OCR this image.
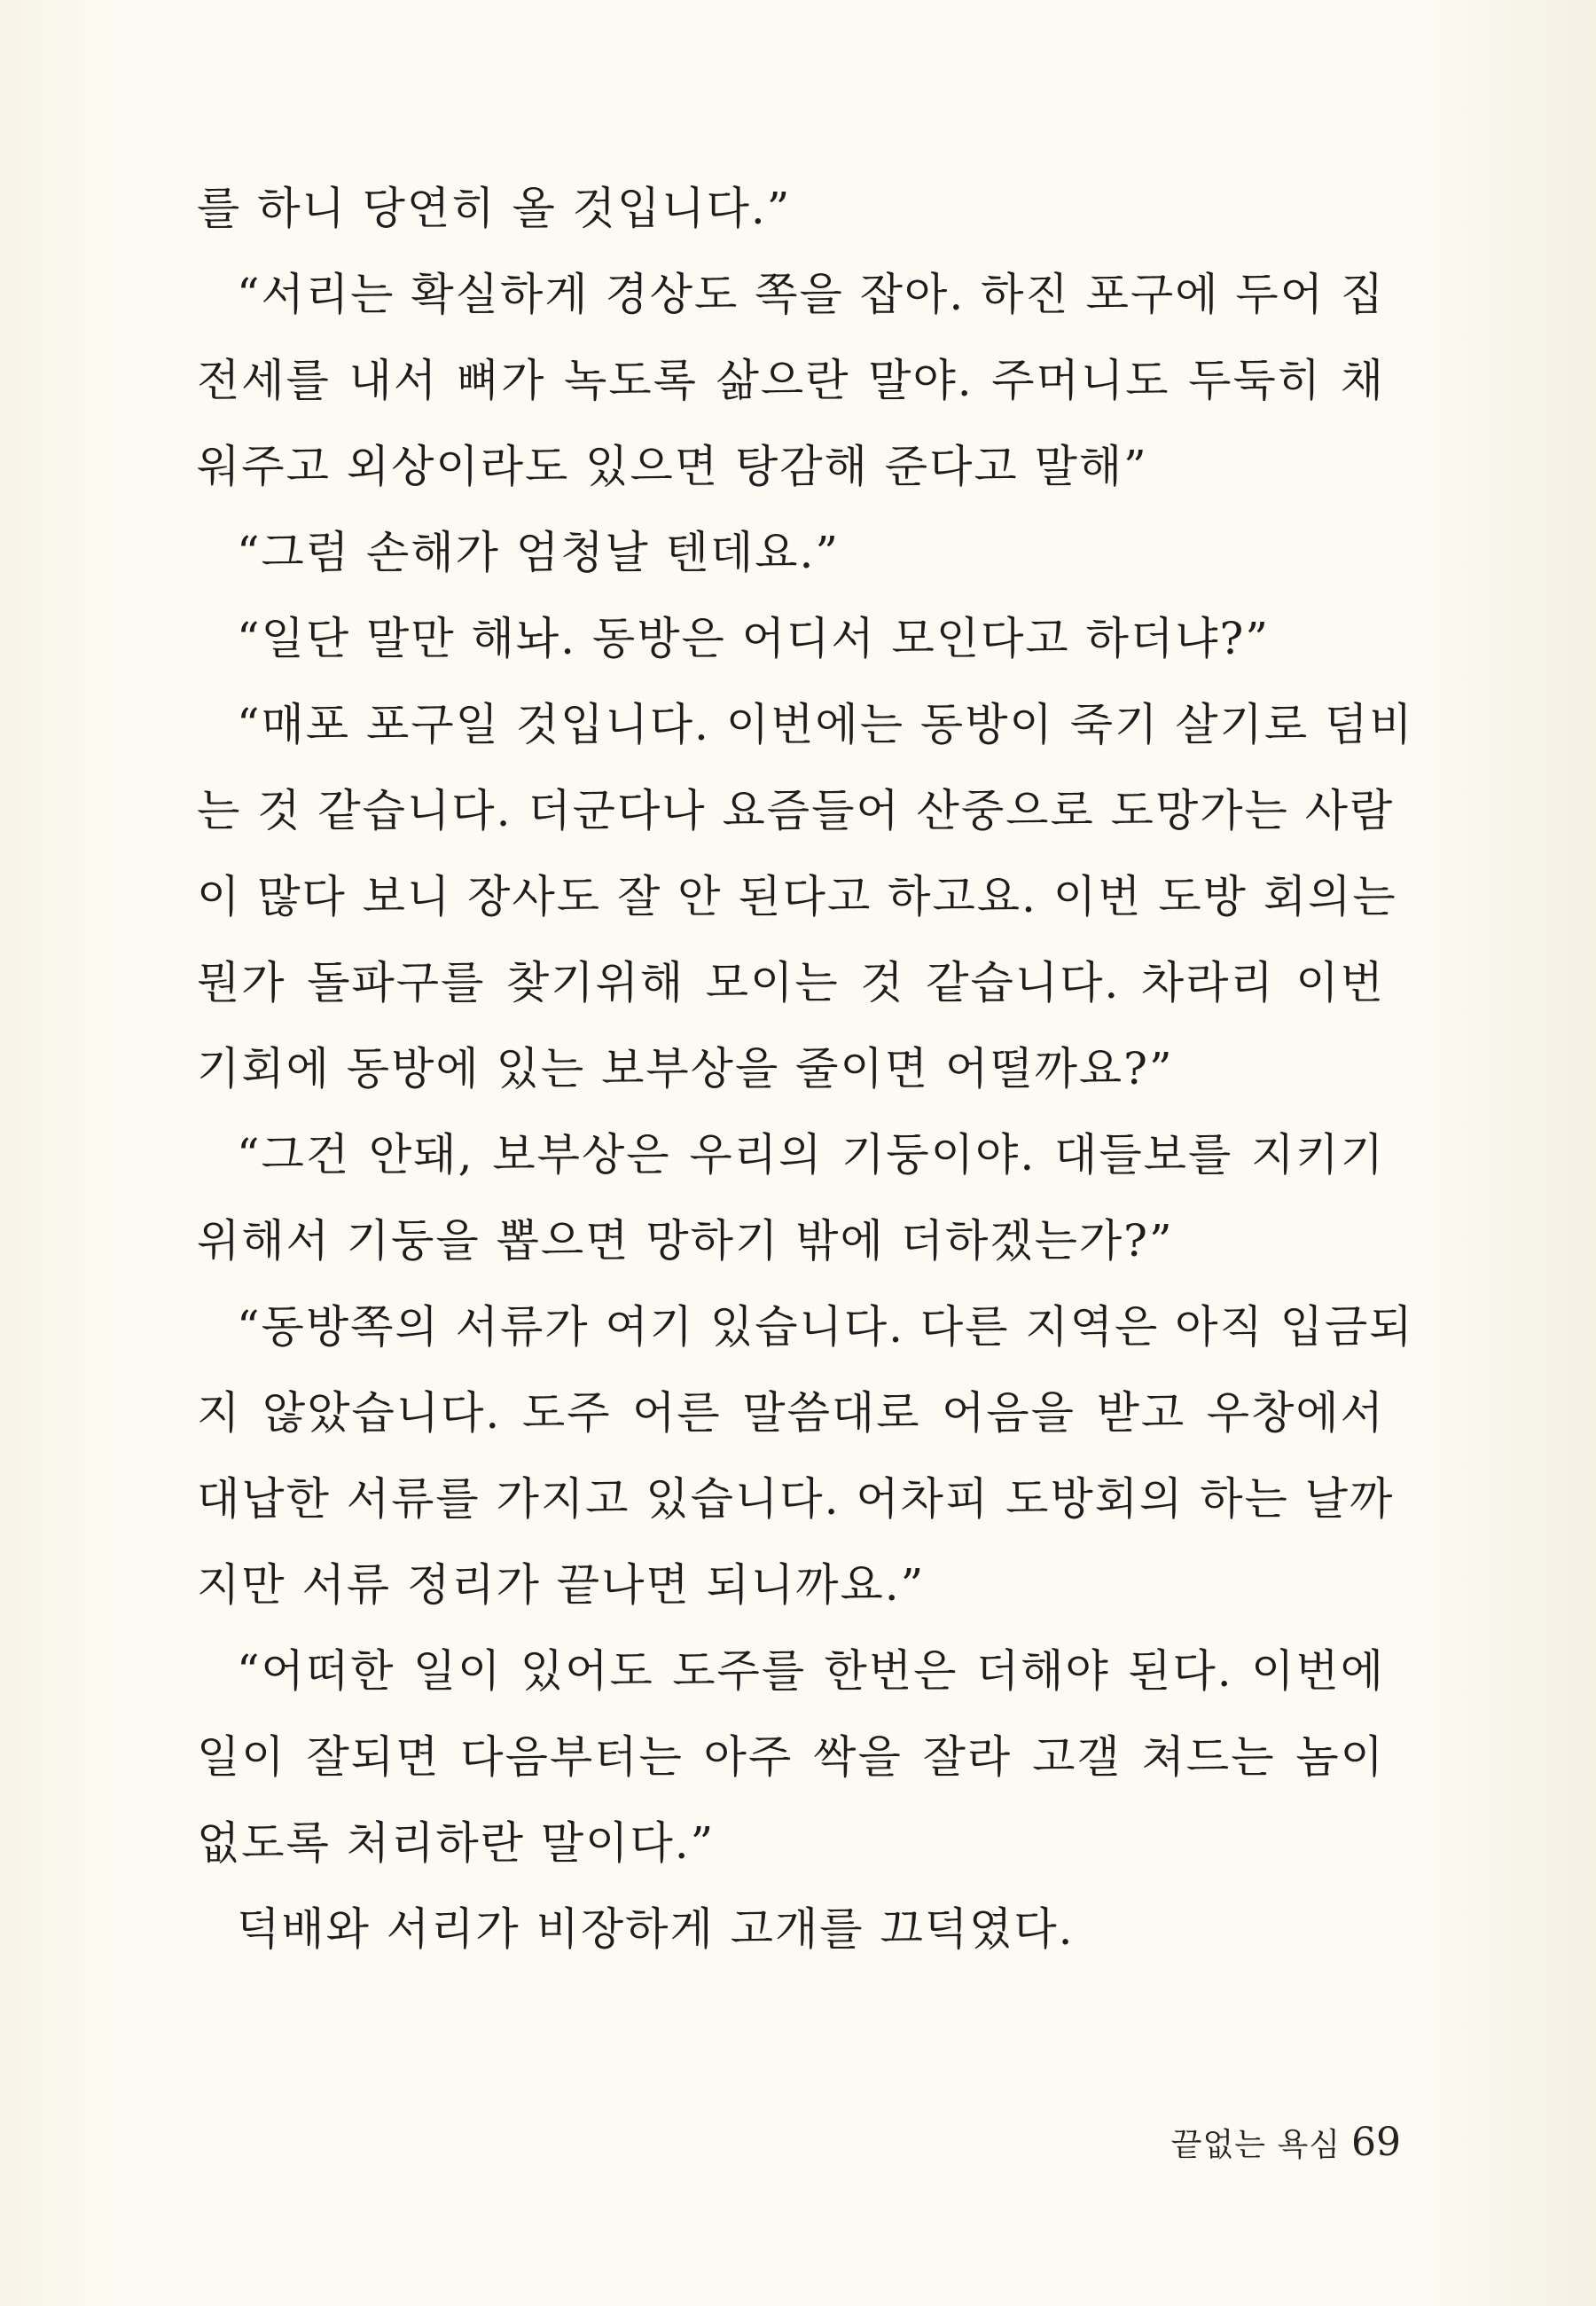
를 하니 당연히 올 것입니다.”
“서리는 확실하게 경상도 쪽을 잡아. 하진 포구에 두어 집
전세를 내서 뼈가 녹도록 삶으란 말야. 주머니도 두둑히 채
워주고 외상이라도 있으면 탕감해 준다고 말해”
“그럼 손해가 엄청날 텐데요.”
“일단 말만 해놔. 동방은 어디서 모인다고 하더냐?”
“매포 포구일 것입니다. 이번에는 동방이 죽기 살기로 덤비
는 것 같습니다. 더군다나 요즘들어 산중으로 도망가는 사람
이 많다 보니 장사도 잘 안 된다고 하고요. 이번 도방 회의는
뭔가 돌파구를 찾기위해 모이는 것 같습니다. 차라리 이번
기회에 동방에 있는 보부상을 줄이면 어떨까요?”
“그건 안돼, 보부상은 우리의 기둥이야. 대들보를 지키기
위해서 기둥을 뽑으면 망하기 밖에 더하겠는가?”
“동방쪽의 서류가 여기 있습니다. 다른 지역은 아직 입금되
지 않았습니다. 도주 어른 말씀대로 어음을 받고 우창에서
대납한 서류를 가지고 있습니다. 어차피 도방회의 하는 날까
지만 서류 정리가 끝나면 되니까요.”
“어떠한 일이 있어도 도주를 한번은 더해야 된다. 이번에
일이 잘되면 다음부터는 아주 싹을 잘라 고갤 쳐드는 놈이
없도록 처리하란 말이다.”
덕배와 서리가 비장하게 고개를 끄덕였다.
끝없는 욕심 69
